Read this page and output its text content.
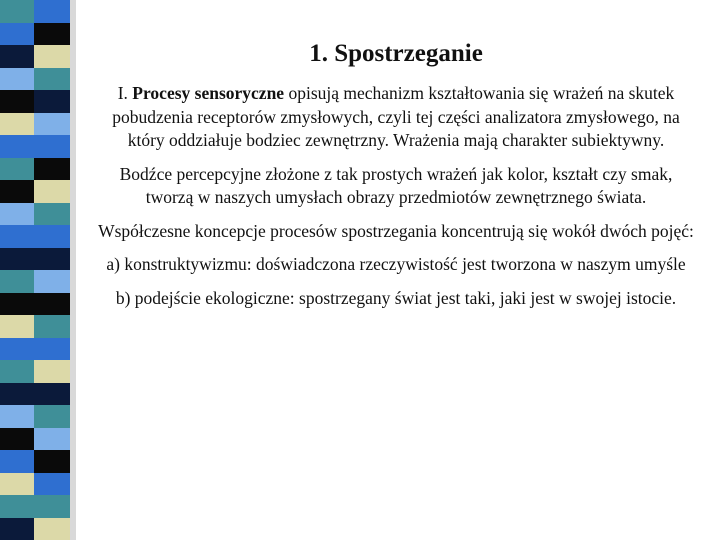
1. Spostrzeganie

I. Procesy sensoryczne opisują mechanizm kształtowania się wrażeń na skutek pobudzenia receptorów zmysłowych, czyli tej części analizatora zmysłowego, na który oddziałuje bodziec zewnętrzny. Wrażenia mają charakter subiektywny.

Bodźce percepcyjne złożone z tak prostych wrażeń jak kolor, kształt czy smak, tworzą w naszych umysłach obrazy przedmiotów zewnętrznego świata.

Współczesne koncepcje procesów spostrzegania koncentrują się wokół dwóch pojęć:

a) konstruktywizmu: doświadczona rzeczywistość jest tworzona w naszym umyśle

b) podejście ekologiczne: spostrzegany świat jest taki, jaki jest w swojej istocie.
